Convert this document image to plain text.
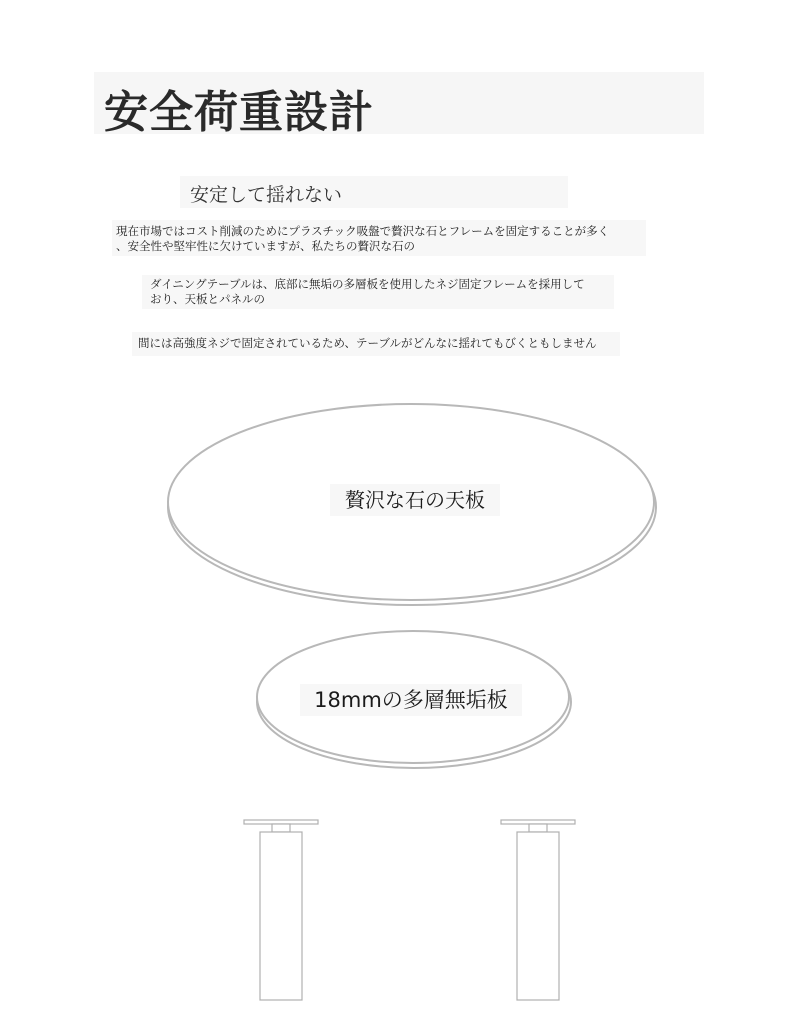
安全荷重設計
安定して揺れない
現在市場ではコスト削減のためにプラスチック吸盤で贅沢な石とフレームを固定することが多く
、安全性や堅牢性に欠けていますが、私たちの贅沢な石の
ダイニングテーブルは、底部に無垢の多層板を使用したネジ固定フレームを採用して
おり、天板とパネルの
間には高強度ネジで固定されているため、テーブルがどんなに揺れてもびくともしません
贅沢な石の天板
18mmの多層無垢板
